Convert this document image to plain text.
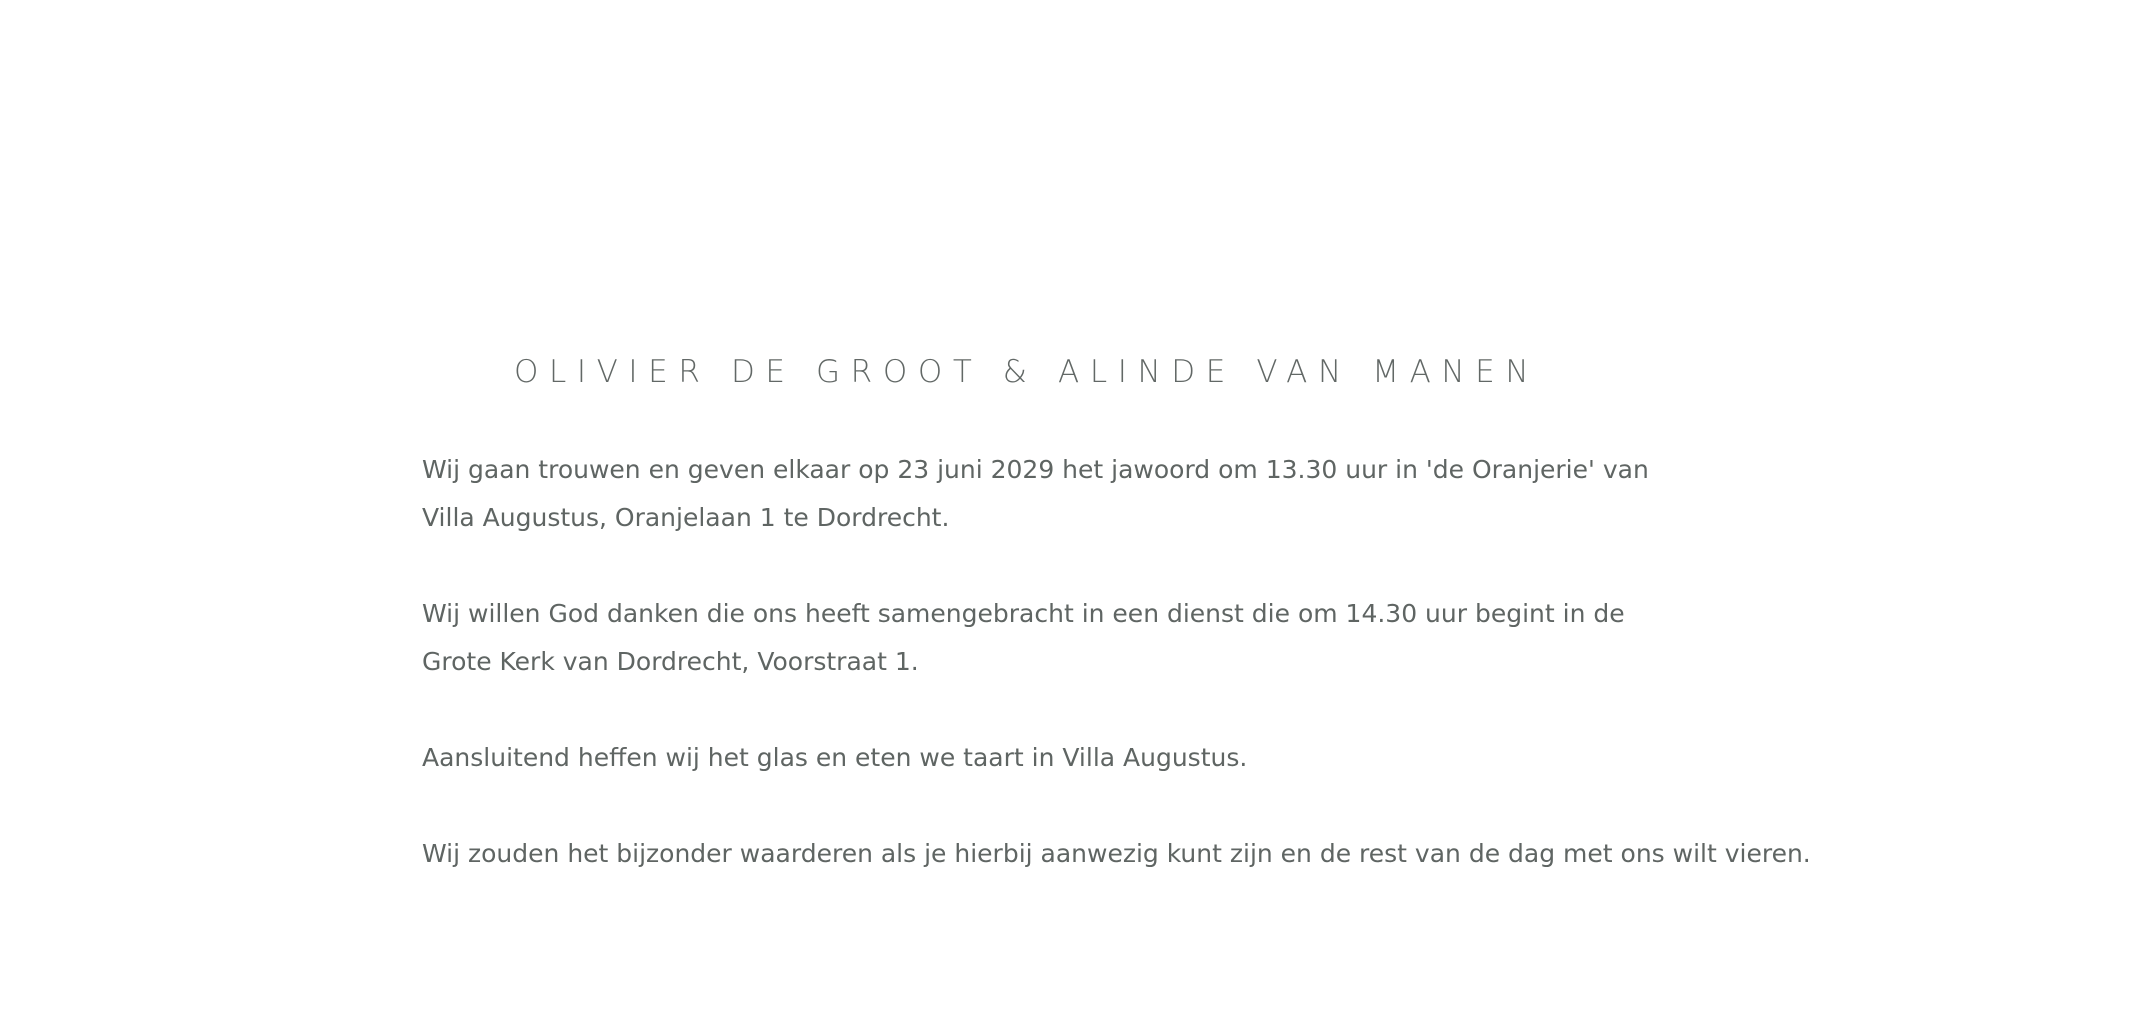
OLIVIER DE GROOT & ALINDE VAN MANEN

Wij gaan trouwen en geven elkaar op 23 juni 2029 het jawoord om 13.30 uur in 'de Oranjerie' van
Villa Augustus, Oranjelaan 1 te Dordrecht.

Wij willen God danken die ons heeft samengebracht in een dienst die om 14.30 uur begint in de
Grote Kerk van Dordrecht, Voorstraat 1.

Aansluitend heffen wij het glas en eten we taart in Villa Augustus.

Wij zouden het bijzonder waarderen als je hierbij aanwezig kunt zijn en de rest van de dag met ons wilt vieren.
